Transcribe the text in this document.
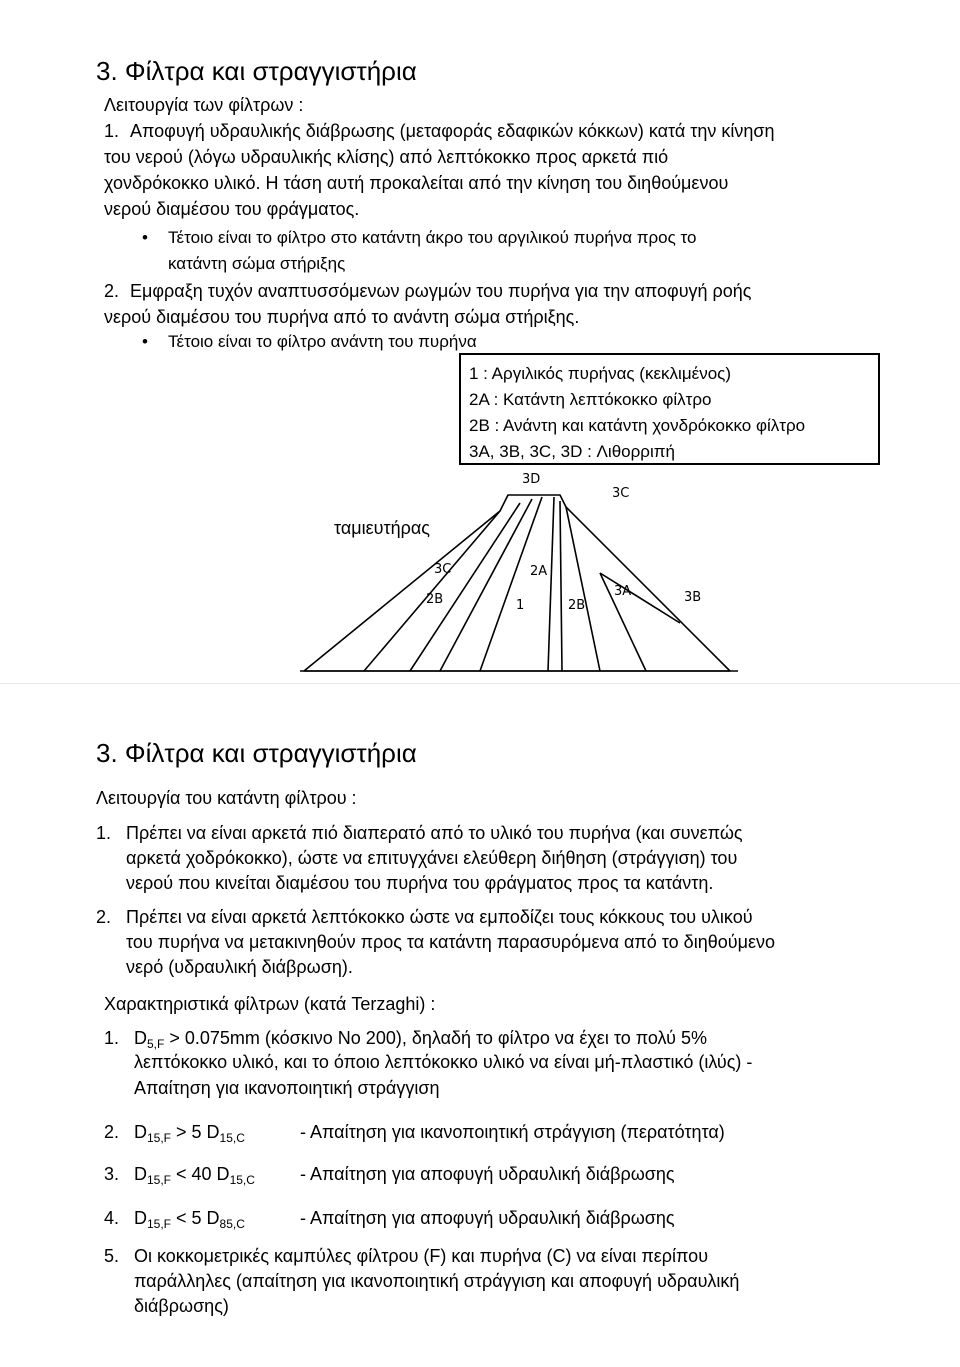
3. Φίλτρα και στραγγιστήρια
Λειτουργία των φίλτρων :
1. Αποφυγή υδραυλικής διάβρωσης (μεταφοράς εδαφικών κόκκων) κατά την κίνηση
του νερού (λόγω υδραυλικής κλίσης) από λεπτόκοκκο προς αρκετά πιό
χονδρόκοκκο υλικό. Η τάση αυτή προκαλείται από την κίνηση του διηθούμενου
νερού διαμέσου του φράγματος.
• Τέτοιο είναι το φίλτρο στο κατάντη άκρο του αργιλικού πυρήνα προς το
κατάντη σώμα στήριξης
2. Εμφραξη τυχόν αναπτυσσόμενων ρωγμών του πυρήνα για την αποφυγή ροής
νερού διαμέσου του πυρήνα από το ανάντη σώμα στήριξης.
• Τέτοιο είναι το φίλτρο ανάντη του πυρήνα
1 : Αργιλικός πυρήνας (κεκλιμένος)
2Α : Κατάντη λεπτόκοκκο φίλτρο
2Β : Ανάντη και κατάντη χονδρόκοκκο φίλτρο
3Α, 3Β, 3C, 3D : Λιθορριπή
ταμιευτήρας
3D
3C
3C	2A
2B	1	2B
3A	3B
3. Φίλτρα και στραγγιστήρια
Λειτουργία του κατάντη φίλτρου :
1. Πρέπει να είναι αρκετά πιό διαπερατό από το υλικό του πυρήνα (και συνεπώς
αρκετά χοδρόκοκκο), ώστε να επιτυγχάνει ελεύθερη διήθηση (στράγγιση) του
νερού που κινείται διαμέσου του πυρήνα του φράγματος προς τα κατάντη.
2. Πρέπει να είναι αρκετά λεπτόκοκκο ώστε να εμποδίζει τους κόκκους του υλικού
του πυρήνα να μετακινηθούν προς τα κατάντη παρασυρόμενα από το διηθούμενο
νερό (υδραυλική διάβρωση).
Χαρακτηριστικά φίλτρων (κατά Terzaghi) :
1. $D_{5,F} > 0.075mm$ (κόσκινο No 200), δηλαδή το φίλτρο να έχει το πολύ 5%
λεπτόκοκκο υλικό, και το όποιο λεπτόκοκκο υλικό να είναι μή-πλαστικό (ιλύς) -
Απαίτηση για ικανοποιητική στράγγιση
2. $D_{15,F} > 5$ $D_{15,C}$	- Απαίτηση για ικανοποιητική στράγγιση (περατότητα)
3. $D_{15,F} < 40$ $D_{15,C}$	- Απαίτηση για αποφυγή υδραυλική διάβρωσης
4. $D_{15,F} < 5$ $D_{85,C}$	- Απαίτηση για αποφυγή υδραυλική διάβρωσης
5. Οι κοκκομετρικές καμπύλες φίλτρου (F) και πυρήνα (C) να είναι περίπου
παράλληλες (απαίτηση για ικανοποιητική στράγγιση και αποφυγή υδραυλική
διάβρωσης)
